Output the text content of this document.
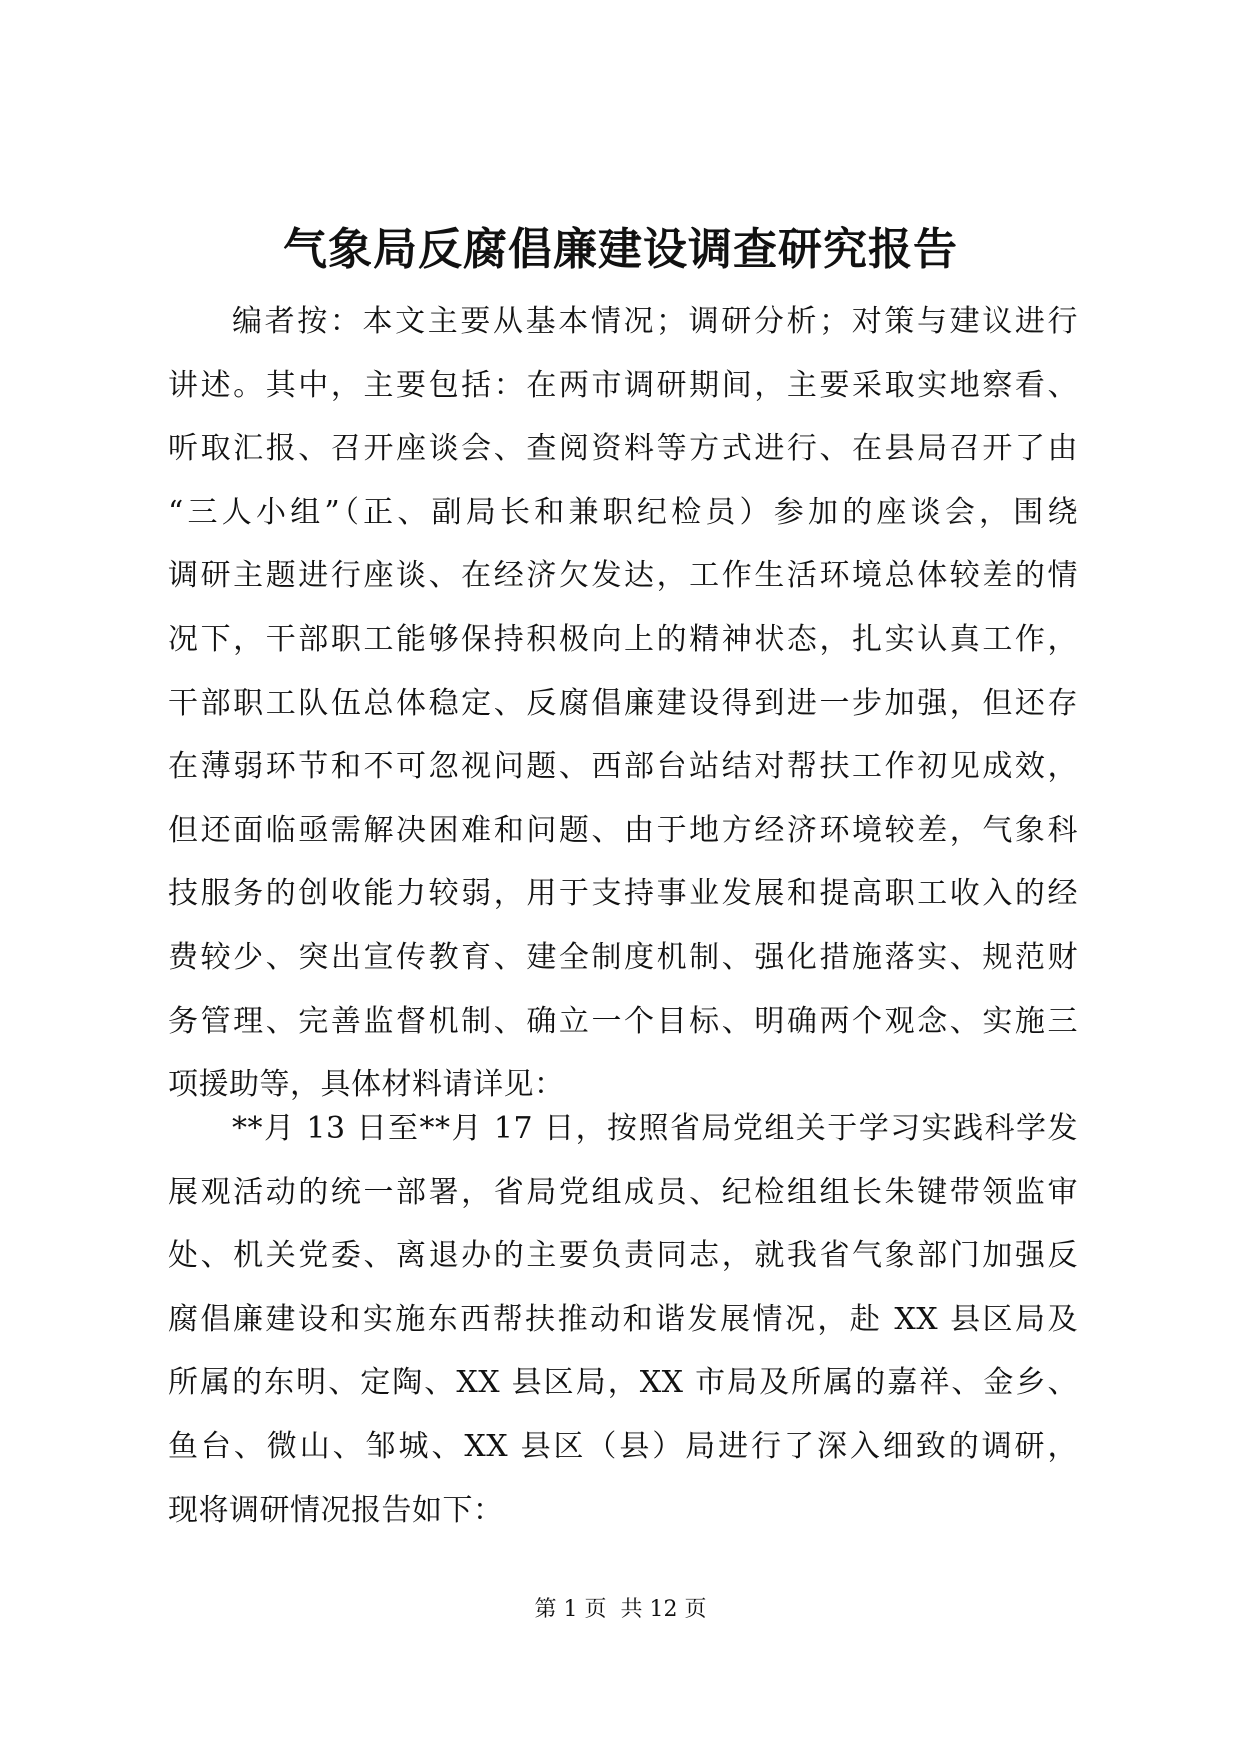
气象局反腐倡廉建设调查研究报告
编者按：本文主要从基本情况；调研分析；对策与建议进行
讲述。其中，主要包括：在两市调研期间，主要采取实地察看、
听取汇报、召开座谈会、查阅资料等方式进行、在县局召开了由
“三人小组”（正、副局长和兼职纪检员）参加的座谈会，围绕
调研主题进行座谈、在经济欠发达，工作生活环境总体较差的情
况下，干部职工能够保持积极向上的精神状态，扎实认真工作，
干部职工队伍总体稳定、反腐倡廉建设得到进一步加强，但还存
在薄弱环节和不可忽视问题、西部台站结对帮扶工作初见成效，
但还面临亟需解决困难和问题、由于地方经济环境较差，气象科
技服务的创收能力较弱，用于支持事业发展和提高职工收入的经
费较少、突出宣传教育、建全制度机制、强化措施落实、规范财
务管理、完善监督机制、确立一个目标、明确两个观念、实施三
项援助等，具体材料请详见：
**月 13 日至**月 17 日，按照省局党组关于学习实践科学发
展观活动的统一部署，省局党组成员、纪检组组长朱键带领监审
处、机关党委、离退办的主要负责同志，就我省气象部门加强反
腐倡廉建设和实施东西帮扶推动和谐发展情况，赴 XX 县区局及
所属的东明、定陶、XX 县区局，XX 市局及所属的嘉祥、金乡、
鱼台、微山、邹城、XX 县区（县）局进行了深入细致的调研，
现将调研情况报告如下：
第 1 页  共 12 页
